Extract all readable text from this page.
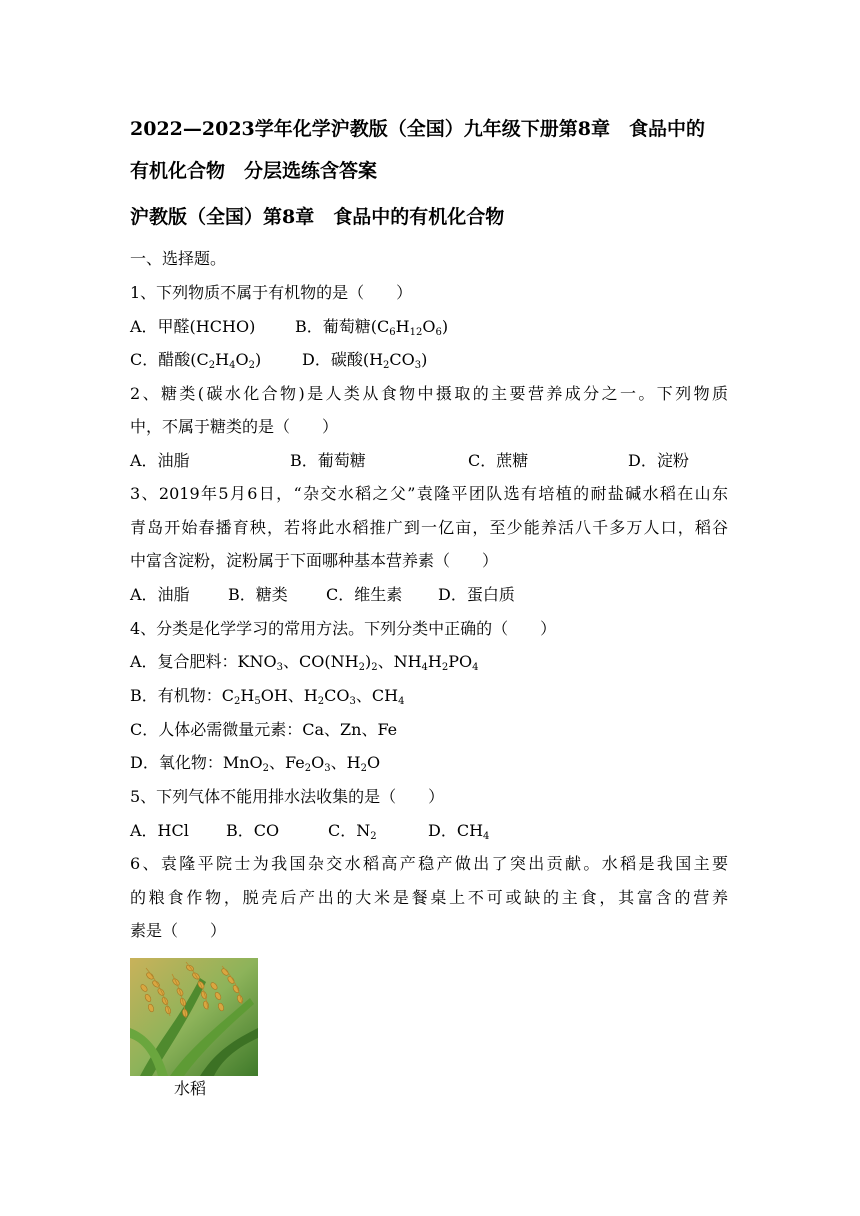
2022—2023学年化学沪教版（全国）九年级下册第8章　食品中的
有机化合物　分层选练含答案
沪教版（全国）第8章　食品中的有机化合物
一、选择题。
1、下列物质不属于有机物的是（　　）
A．甲醛(HCHO) B．葡萄糖$(C_6H_{12}O_6)$
C．醋酸$(C_2H_4O_2)$	D．碳酸$(H_2CO_3)$
2、糖类(碳水化合物)是人类从食物中摄取的主要营养成分之一。下列物质
中，不属于糖类的是（　　）
A．油脂	B．葡萄糖	C．蔗糖	D．淀粉
3、2019年5月6日，“杂交水稻之父”袁隆平团队选有培植的耐盐碱水稻在山东
青岛开始春播育秧，若将此水稻推广到一亿亩，至少能养活八千多万人口，稻谷
中富含淀粉，淀粉属于下面哪种基本营养素（　　）
A．油脂 B．糖类 C．维生素 D．蛋白质
4、分类是化学学习的常用方法。下列分类中正确的（　　）
A．复合肥料：$KNO_3$、$CO(NH_2)_2$、$NH_4H_2PO_4$
B．有机物：$C_2H_5OH$、$H_2CO_3$、$CH_4$
C．人体必需微量元素：Ca、Zn、Fe
D．氧化物：MnO$_2$、$Fe_2O_3$、$H_2O$
5、下列气体不能用排水法收集的是（　　）
A．HCl B．CO	C．$N_2$	D．$CH_4$
6、袁隆平院士为我国杂交水稻高产稳产做出了突出贡献。水稻是我国主要
的粮食作物，脱壳后产出的大米是餐桌上不可或缺的主食，其富含的营养
素是（　　）
水稻
